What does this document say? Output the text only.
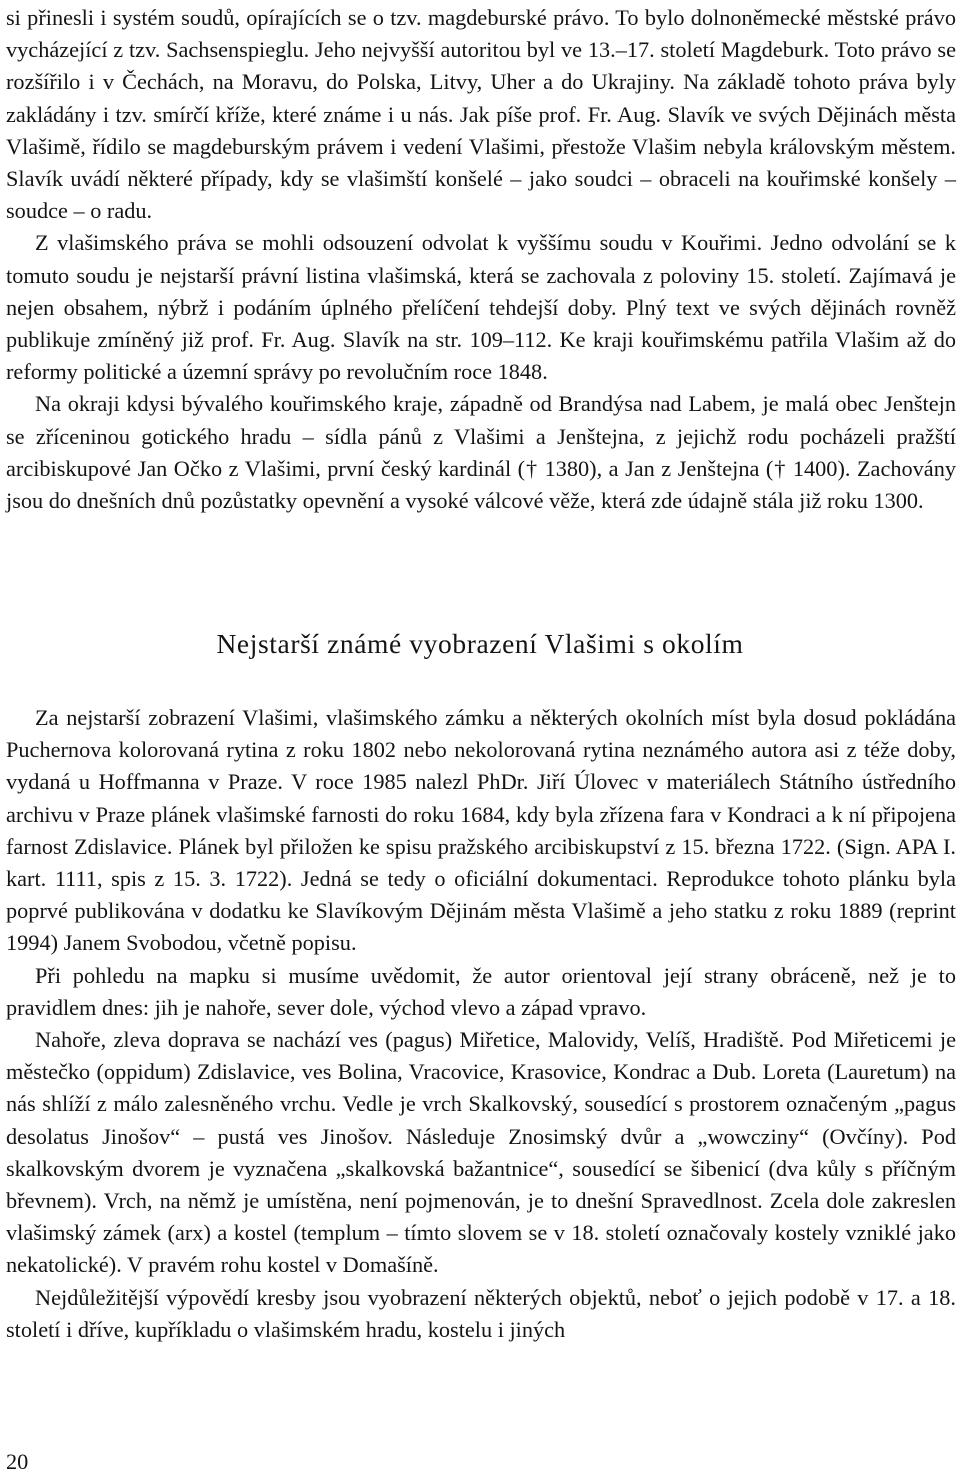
si přinesli i systém soudů, opírajících se o tzv. magdeburské právo. To bylo dolnoněmecké městské právo vycházející z tzv. Sachsenspieglu. Jeho nejvyšší autoritou byl ve 13.–17. století Magdeburk. Toto právo se rozšířilo i v Čechách, na Moravu, do Polska, Litvy, Uher a do Ukrajiny. Na základě tohoto práva byly zakládány i tzv. smírčí kříže, které známe i u nás. Jak píše prof. Fr. Aug. Slavík ve svých Dějinách města Vlašimě, řídilo se magdeburským právem i vedení Vlašimi, přestože Vlašim nebyla královským městem. Slavík uvádí některé případy, kdy se vlašimští konšelé – jako soudci – obraceli na kouřimské konšely – soudce – o radu.

Z vlašimského práva se mohli odsouzení odvolat k vyššímu soudu v Kouřimi. Jedno odvolání se k tomuto soudu je nejstarší právní listina vlašimská, která se zachovala z poloviny 15. století. Zajímavá je nejen obsahem, nýbrž i podáním úplného přelíčení tehdejší doby. Plný text ve svých dějinách rovněž publikuje zmíněný již prof. Fr. Aug. Slavík na str. 109–112. Ke kraji kouřimskému patřila Vlašim až do reformy politické a územní správy po revolučním roce 1848.

Na okraji kdysi bývalého kouřimského kraje, západně od Brandýsa nad Labem, je malá obec Jenštejn se zříceninou gotického hradu – sídla pánů z Vlašimi a Jenštejna, z jejichž rodu pocházeli pražští arcibiskupové Jan Očko z Vlašimi, první český kardinál († 1380), a Jan z Jenštejna († 1400). Zachovány jsou do dnešních dnů pozůstatky opevnění a vysoké válcové věže, která zde údajně stála již roku 1300.

Nejstarší známé vyobrazení Vlašimi s okolím

Za nejstarší zobrazení Vlašimi, vlašimského zámku a některých okolních míst byla dosud pokládána Puchernova kolorovaná rytina z roku 1802 nebo nekolorovaná rytina neznámého autora asi z téže doby, vydaná u Hoffmanna v Praze. V roce 1985 nalezl PhDr. Jiří Úlovec v materiálech Státního ústředního archivu v Praze plánek vlašimské farnosti do roku 1684, kdy byla zřízena fara v Kondraci a k ní připojena farnost Zdislavice. Plánek byl přiložen ke spisu pražského arcibiskupství z 15. března 1722. (Sign. APA I. kart. 1111, spis z 15. 3. 1722). Jedná se tedy o oficiální dokumentaci. Reprodukce tohoto plánku byla poprvé publikována v dodatku ke Slavíkovým Dějinám města Vlašimě a jeho statku z roku 1889 (reprint 1994) Janem Svobodou, včetně popisu.

Při pohledu na mapku si musíme uvědomit, že autor orientoval její strany obráceně, než je to pravidlem dnes: jih je nahoře, sever dole, východ vlevo a západ vpravo.

Nahoře, zleva doprava se nachází ves (pagus) Miřetice, Malovidy, Velíš, Hradiště. Pod Miřeticemi je městečko (oppidum) Zdislavice, ves Bolina, Vracovice, Krasovice, Kondrac a Dub. Loreta (Lauretum) na nás shlíží z málo zalesněného vrchu. Vedle je vrch Skalkovský, sousedící s prostorem označeným „pagus desolatus Jinošov“ – pustá ves Jinošov. Následuje Znosimský dvůr a „wowcziny“ (Ovčíny). Pod skalkovským dvorem je vyznačena „skalkovská bažantnice“, sousedící se šibenicí (dva kůly s příčným břevnem). Vrch, na němž je umístěna, není pojmenován, je to dnešní Spravedlnost. Zcela dole zakreslen vlašimský zámek (arx) a kostel (templum – tímto slovem se v 18. století označovaly kostely vzniklé jako nekatolické). V pravém rohu kostel v Domašíně.

Nejdůležitější výpovědí kresby jsou vyobrazení některých objektů, neboť o jejich podobě v 17. a 18. století i dříve, kupříkladu o vlašimském hradu, kostelu i jiných

20
